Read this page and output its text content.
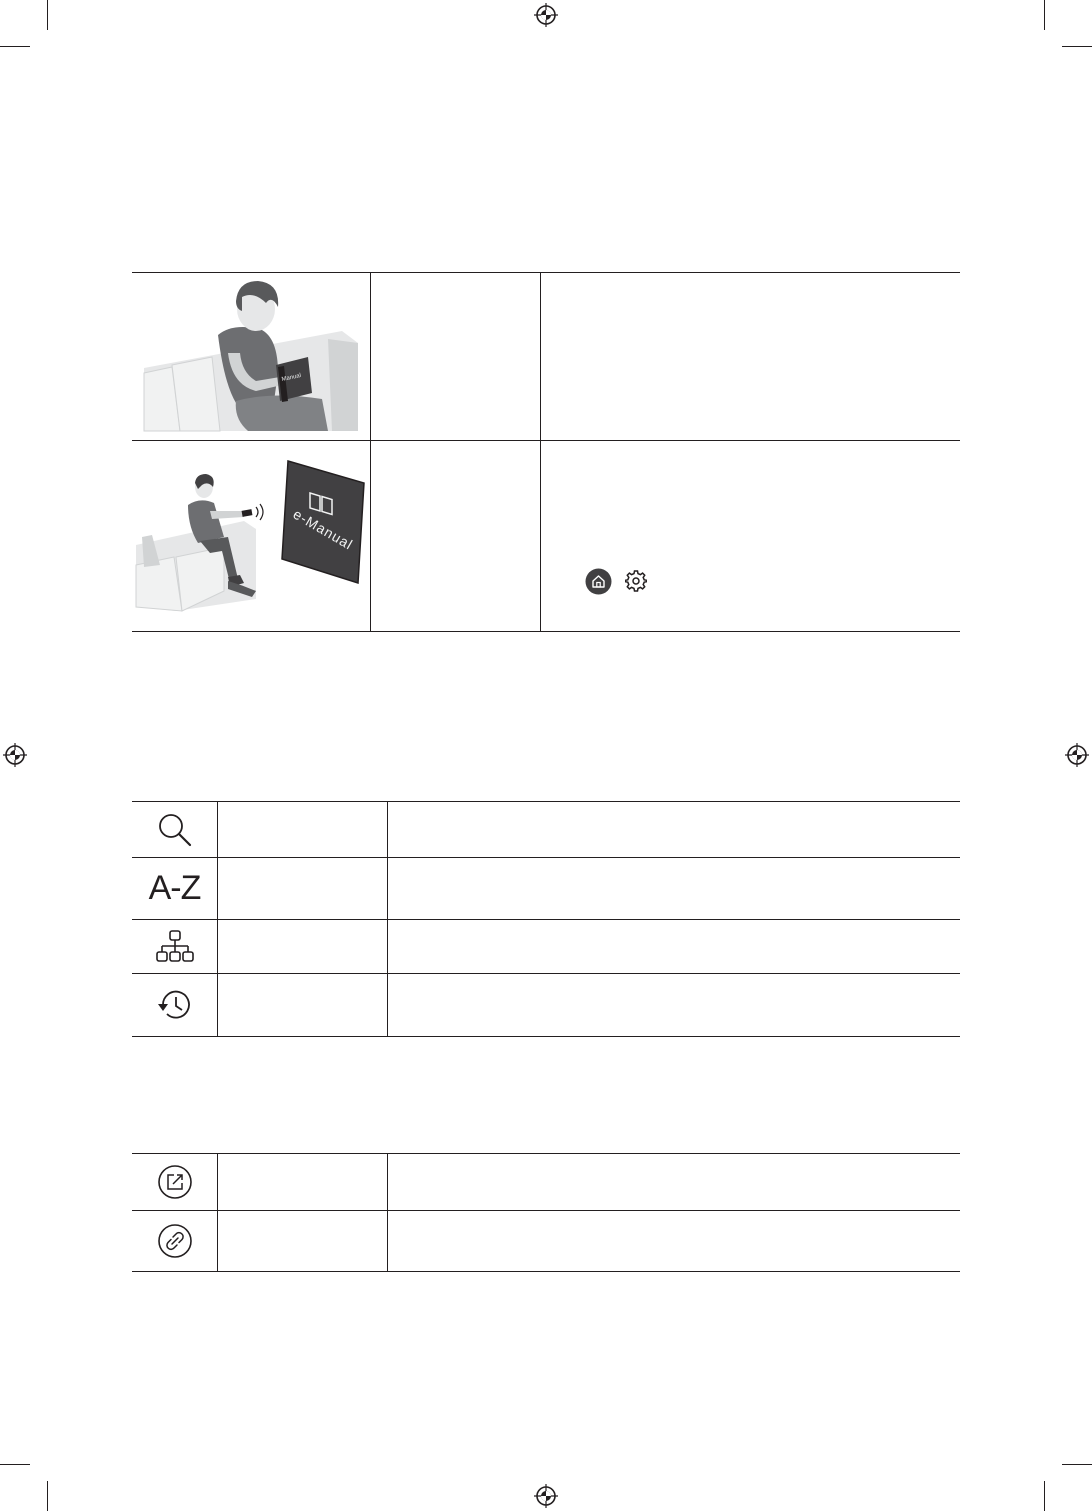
Manual
e-Manual
A-Z
